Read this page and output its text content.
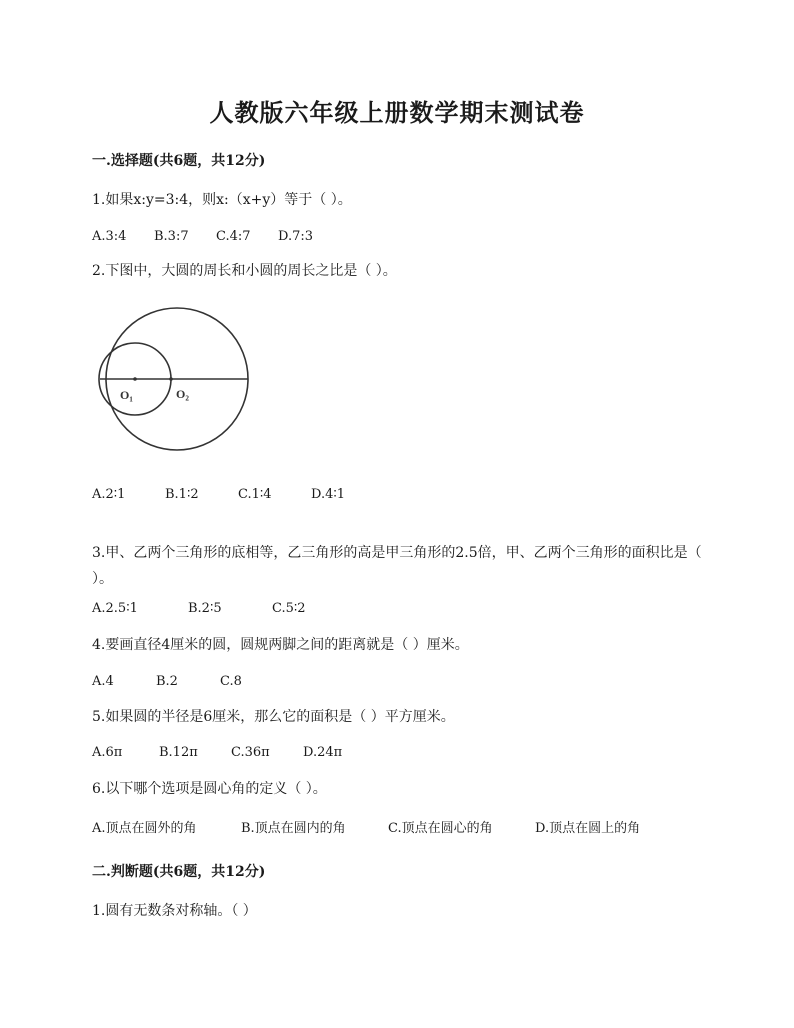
人教版六年级上册数学期末测试卷
一.选择题(共6题，共12分)
1.如果x:y=3:4，则x:（x+y）等于（ ）。
A.3:4 B.3:7 C.4:7 D.7:3
2.下图中，大圆的周长和小圆的周长之比是（ ）。
O₁	O₂
A.2∶1	B.1∶2	C.1∶4	D.4∶1
3.甲、乙两个三角形的底相等，乙三角形的高是甲三角形的2.5倍，甲、乙两个三角形的面积比是（ ）。
A.2.5∶1	B.2∶5	C.5∶2
4.要画直径4厘米的圆，圆规两脚之间的距离就是（ ）厘米。
A.4	B.2	C.8
5.如果圆的半径是6厘米，那么它的面积是（ ）平方厘米。
A.6π	B.12π	C.36π	D.24π
6.以下哪个选项是圆心角的定义（ ）。
A.顶点在圆外的角	B.顶点在圆内的角	C.顶点在圆心的角	D.顶点在圆上的角
二.判断题(共6题，共12分)
1.圆有无数条对称轴。（ ）
